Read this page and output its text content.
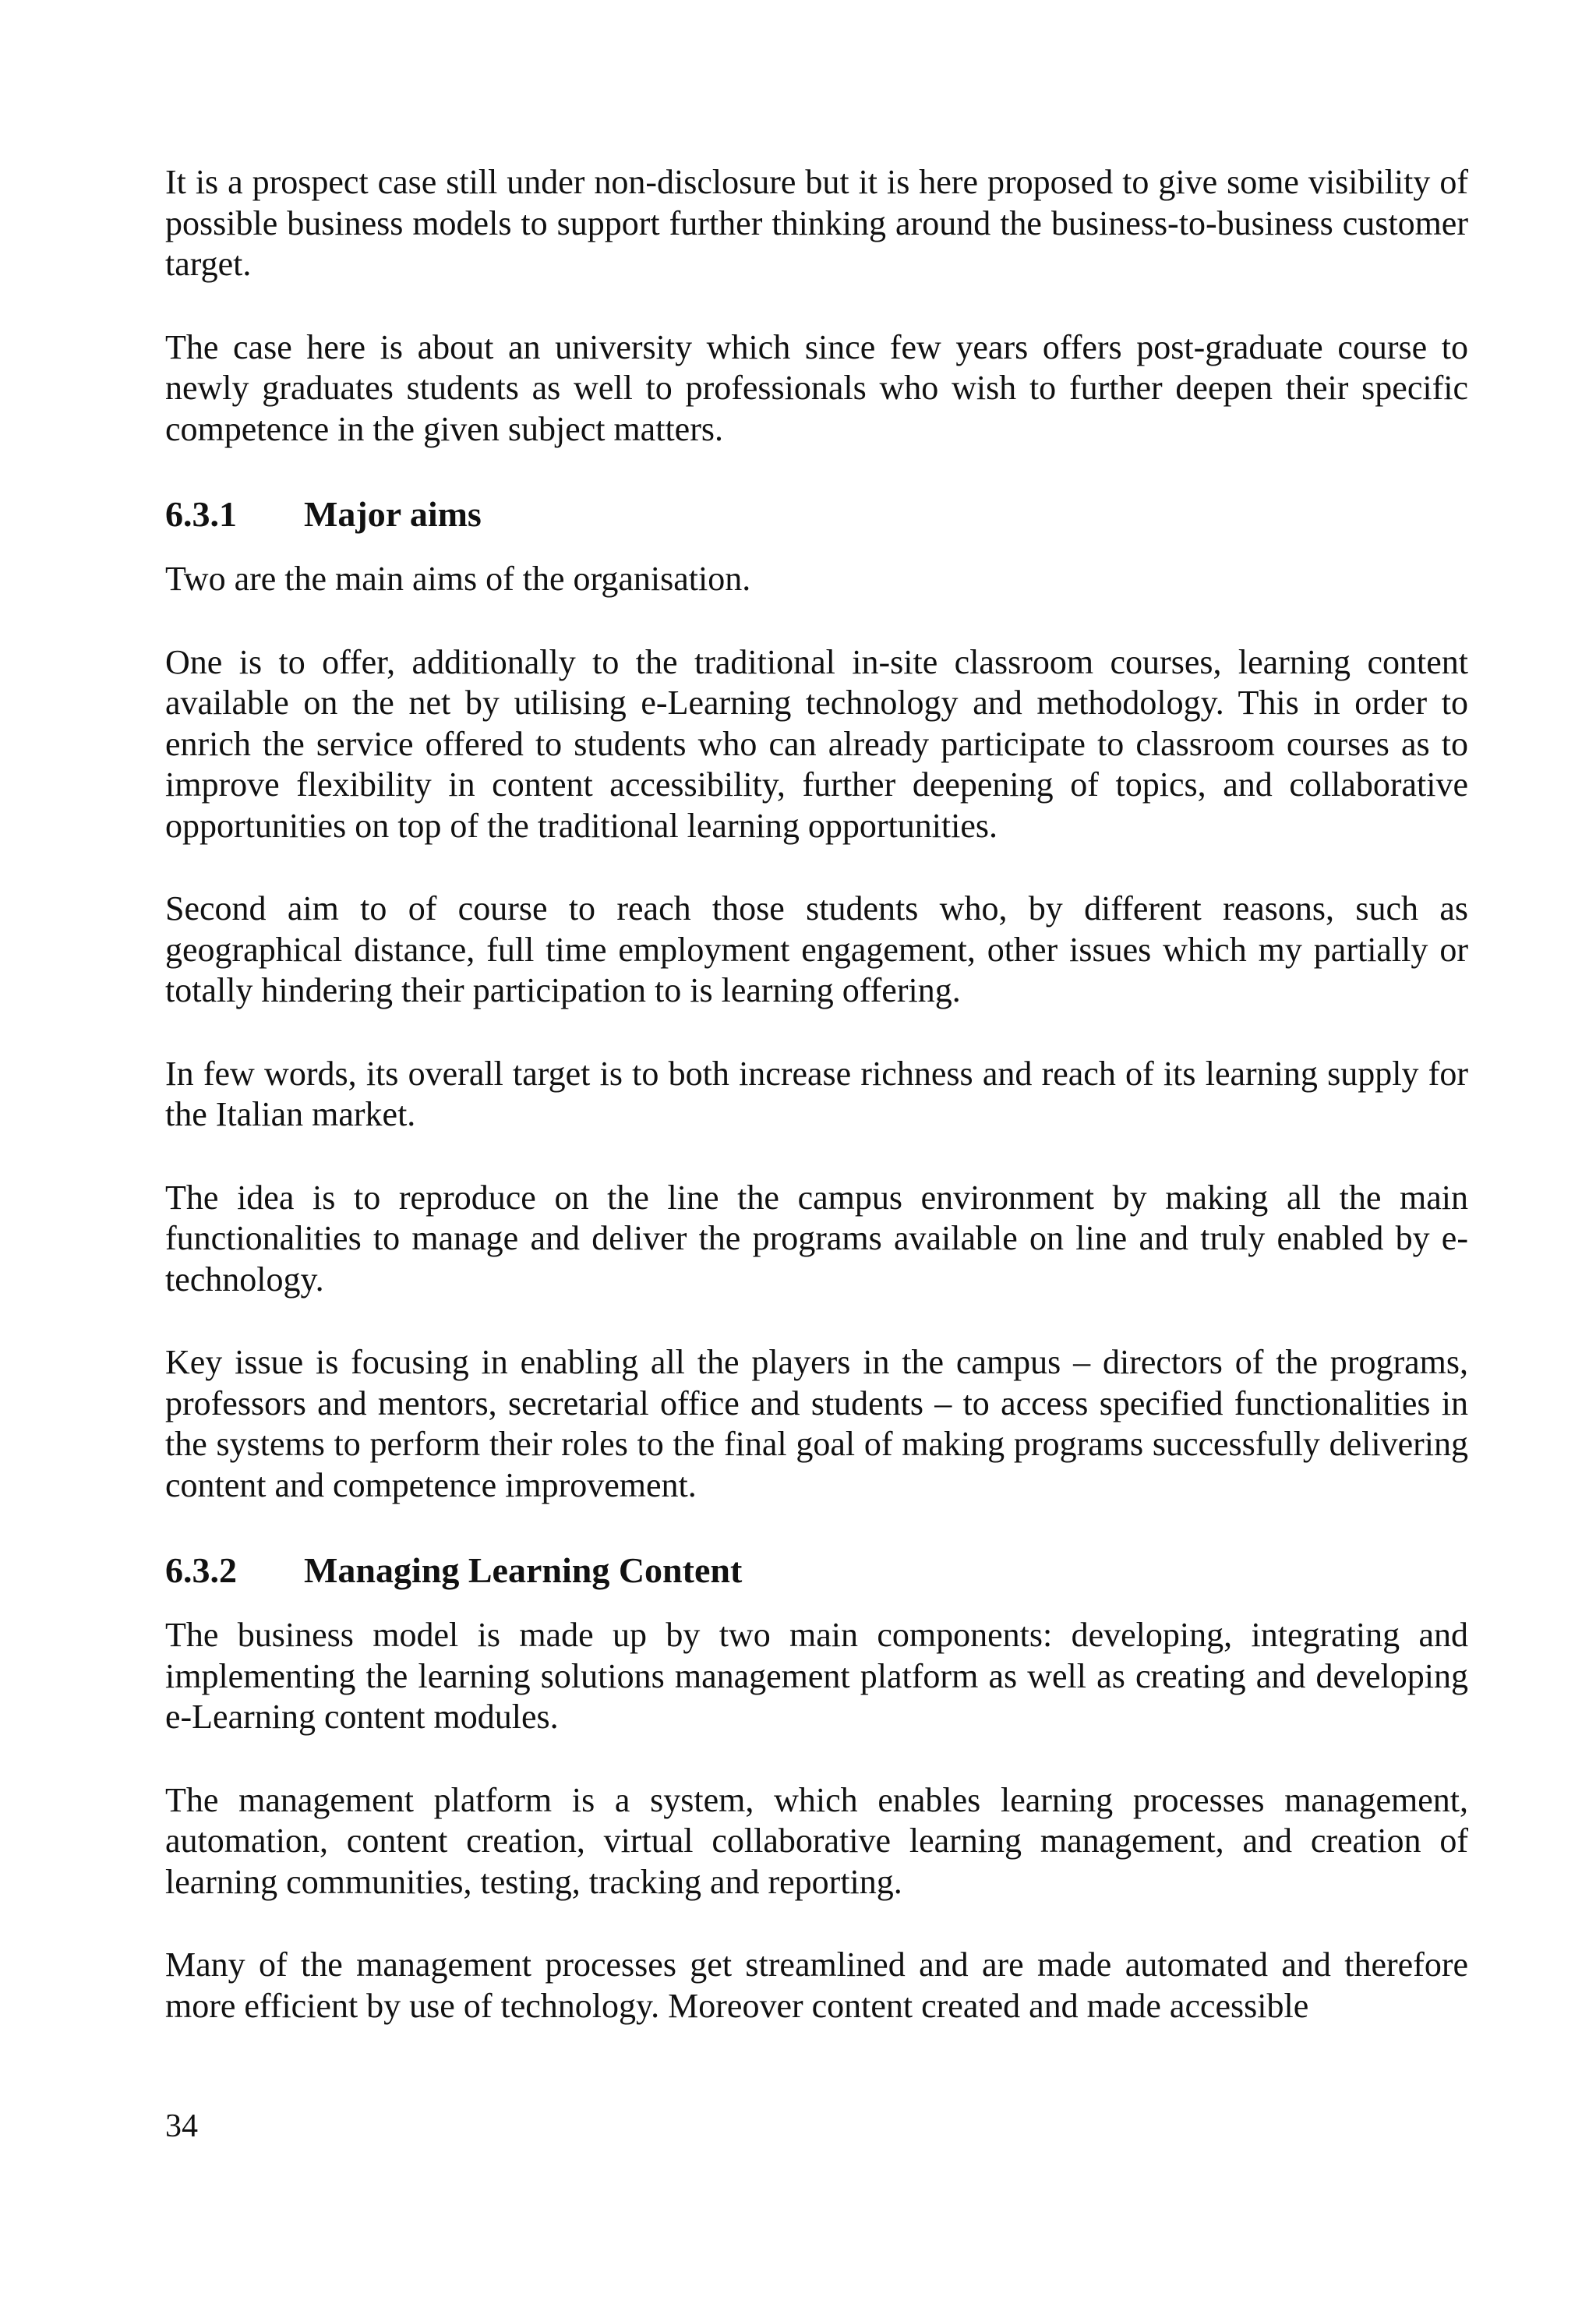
It is a prospect case still under non-disclosure but it is here proposed to give some visibility of possible business models to support further thinking around the business-to-business customer target.

The case here is about an university which since few years offers post-graduate course to newly graduates students as well to professionals who wish to further deepen their specific competence in the given subject matters.

6.3.1	Major aims

Two are the main aims of the organisation.

One is to offer, additionally to the traditional in-site classroom courses, learning content available on the net by utilising e-Learning technology and methodology. This in order to enrich the service offered to students who can already participate to classroom courses as to improve flexibility in content accessibility, further deepening of topics, and collaborative opportunities on top of the traditional learning opportunities.

Second aim to of course to reach those students who, by different reasons, such as geographical distance, full time employment engagement, other issues which my partially or totally hindering their participation to is learning offering.

In few words, its overall target is to both increase richness and reach of its learning supply for the Italian market.

The idea is to reproduce on the line the campus environment by making all the main functionalities to manage and deliver the programs available on line and truly enabled by e-technology.

Key issue is focusing in enabling all the players in the campus – directors of the programs, professors and mentors, secretarial office and students – to access specified functionalities in the systems to perform their roles to the final goal of making programs successfully delivering content and competence improvement.

6.3.2	Managing Learning Content

The business model is made up by two main components: developing, integrating and implementing the learning solutions management platform as well as creating and developing e-Learning content modules.

The management platform is a system, which enables learning processes management, automation, content creation, virtual collaborative learning management, and creation of learning communities, testing, tracking and reporting.

Many of the management processes get streamlined and are made automated and therefore more efficient by use of technology. Moreover content created and made accessible

34
